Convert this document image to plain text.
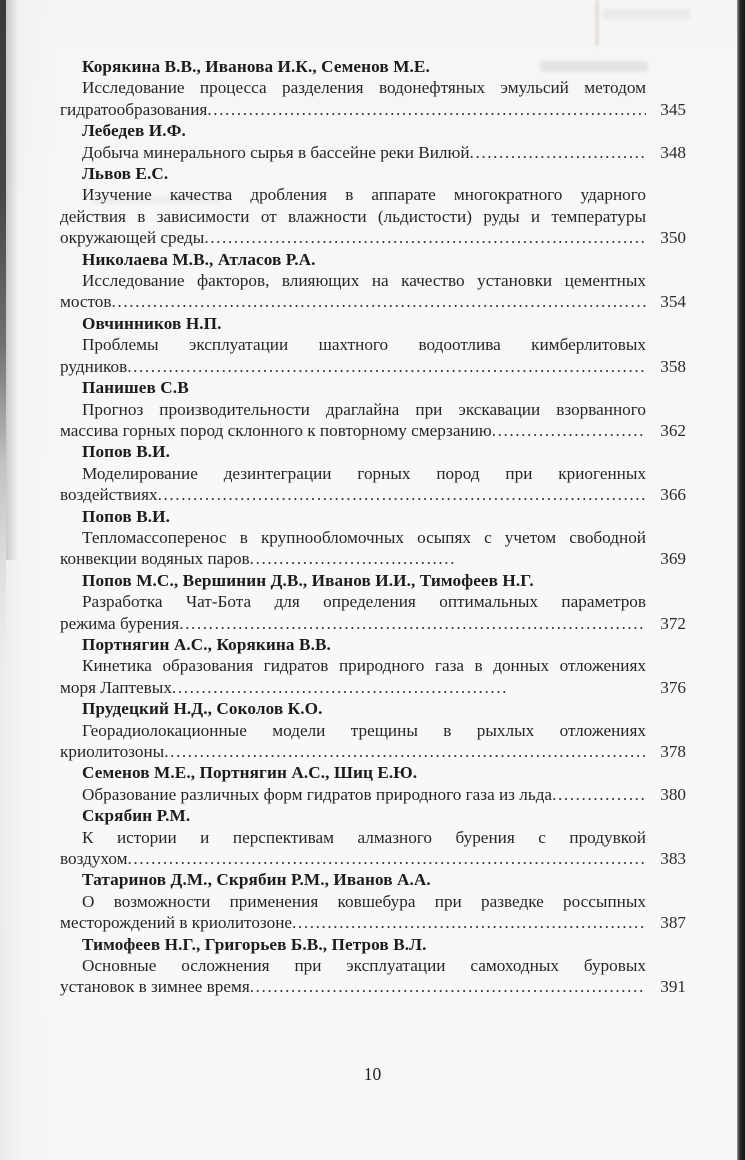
Корякина В.В., Иванова И.К., Семенов М.Е.
Исследование процесса разделения водонефтяных эмульсий методом
гидратообразования .....	345
Лебедев И.Ф.
Добыча минерального сырья в бассейне реки Вилюй .....	348
Львов Е.С.
Изучение качества дробления в аппарате многократного ударного
действия в зависимости от влажности (льдистости) руды и температуры
окружающей среды .....	350
Николаева М.В., Атласов Р.А.
Исследование факторов, влияющих на качество установки цементных
мостов .....	354
Овчинников Н.П.
Проблемы эксплуатации шахтного водоотлива кимберлитовых
рудников .....	358
Панишев С.В
Прогноз производительности драглайна при экскавации взорванного
массива горных пород склонного к повторному смерзанию .....	362
Попов В.И.
Моделирование дезинтеграции горных пород при криогенных
воздействиях .....	366
Попов В.И.
Тепломассоперенос в крупнообломочных осыпях с учетом свободной
конвекции водяных паров .....	369
Попов М.С., Вершинин Д.В., Иванов И.И., Тимофеев Н.Г.
Разработка Чат-Бота для определения оптимальных параметров
режима бурения .....	372
Портнягин А.С., Корякина В.В.
Кинетика образования гидратов природного газа в донных отложениях
моря Лаптевых .....	376
Прудецкий Н.Д., Соколов К.О.
Георадиолокационные модели трещины в рыхлых отложениях
криолитозоны .....	378
Семенов М.Е., Портнягин А.С., Шиц Е.Ю.
Образование различных форм гидратов природного газа из льда .....	380
Скрябин Р.М.
К истории и перспективам алмазного бурения с продувкой
воздухом .....	383
Татаринов Д.М., Скрябин Р.М., Иванов А.А.
О возможности применения ковшебура при разведке россыпных
месторождений в криолитозоне .....	387
Тимофеев Н.Г., Григорьев Б.В., Петров В.Л.
Основные осложнения при эксплуатации самоходных буровых
установок в зимнее время .....	391
10
